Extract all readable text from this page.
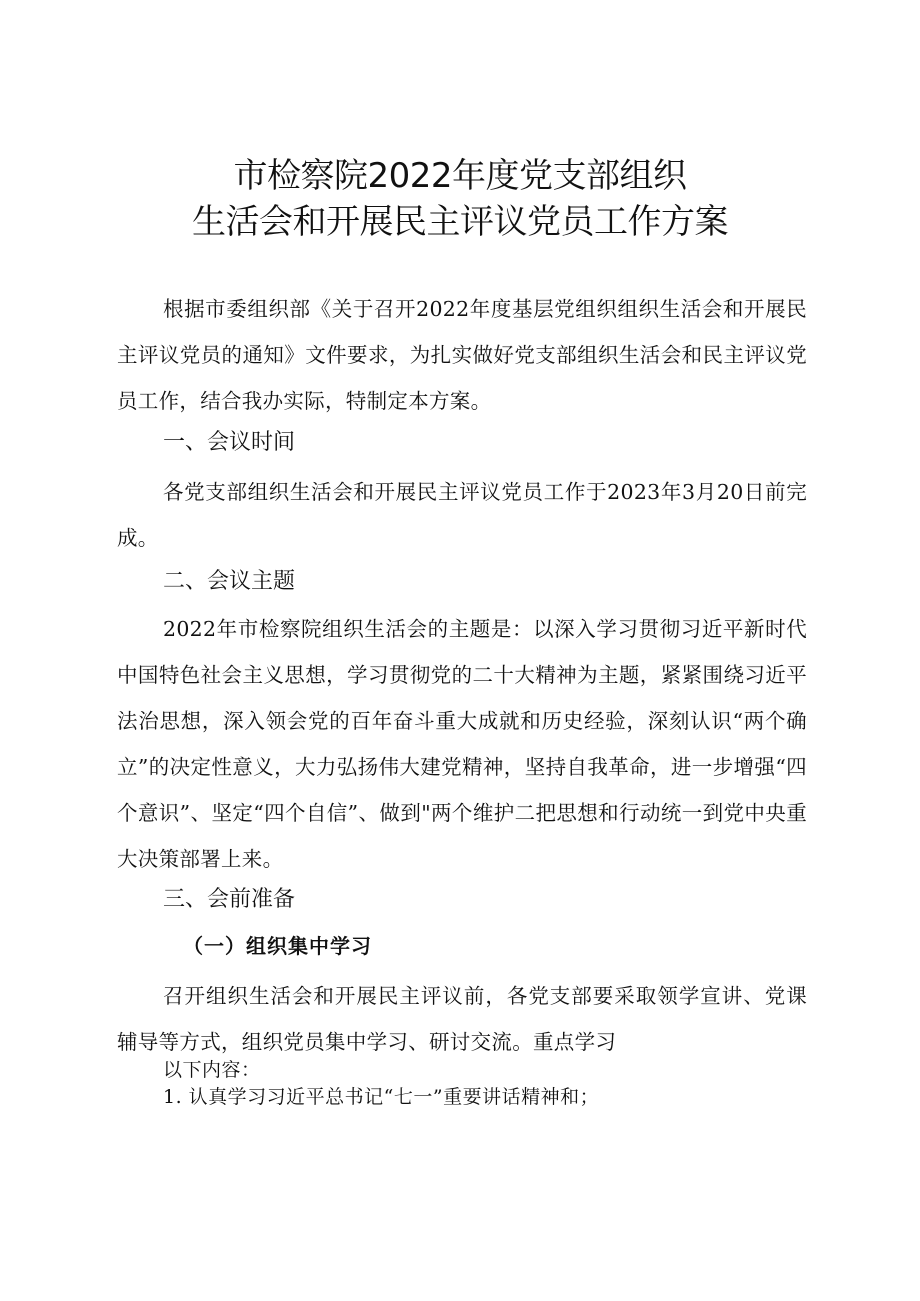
市检察院2022年度党支部组织
生活会和开展民主评议党员工作方案

根据市委组织部《关于召开2022年度基层党组织组织生活会和开展民主评议党员的通知》文件要求，为扎实做好党支部组织生活会和民主评议党员工作，结合我办实际，特制定本方案。

一、会议时间

各党支部组织生活会和开展民主评议党员工作于2023年3月20日前完成。

二、会议主题

2022年市检察院组织生活会的主题是：以深入学习贯彻习近平新时代中国特色社会主义思想，学习贯彻党的二十大精神为主题，紧紧围绕习近平法治思想，深入领会党的百年奋斗重大成就和历史经验，深刻认识“两个确立”的决定性意义，大力弘扬伟大建党精神，坚持自我革命，进一步增强“四个意识”、坚定“四个自信”、做到"两个维护二把思想和行动统一到党中央重大决策部署上来。

三、会前准备
（一）组织集中学习

召开组织生活会和开展民主评议前，各党支部要采取领学宣讲、党课辅导等方式，组织党员集中学习、研讨交流。重点学习

以下内容：

1. 认真学习习近平总书记“七一”重要讲话精神和；
